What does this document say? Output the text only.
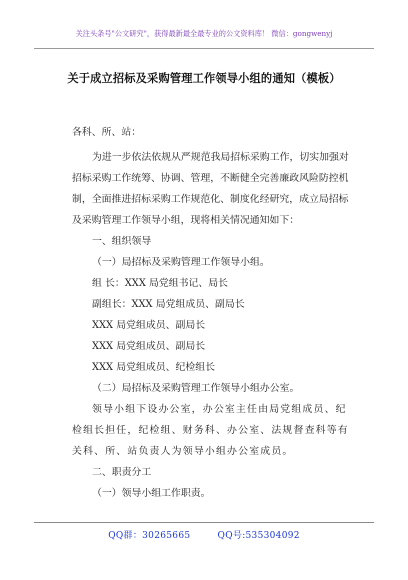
关注头条号"公文研究"，获得最新最全最专业的公文资料库！ 微信：gongwenyj
关于成立招标及采购管理工作领导小组的通知（模板）

各科、所、站：

为进一步依法依规从严规范我局招标采购工作，切实加强对招标采购工作统筹、协调、管理，不断健全完善廉政风险防控机制，全面推进招标采购工作规范化、制度化经研究，成立局招标及采购管理工作领导小组，现将相关情况通知如下：

一、组织领导

（一）局招标及采购管理工作领导小组。

组 长：XXX 局党组书记、局长

副组长：XXX 局党组成员、副局长

XXX 局党组成员、副局长

XXX 局党组成员、副局长

XXX 局党组成员、纪检组长

（二）局招标及采购管理工作领导小组办公室。

领导小组下设办公室，办公室主任由局党组成员、纪检组长担任，纪检组、财务科、办公室、法规督查科等有关科、所、站负责人为领导小组办公室成员。

二、职责分工

（一）领导小组工作职责。

QQ群：30265665	QQ号:535304092
